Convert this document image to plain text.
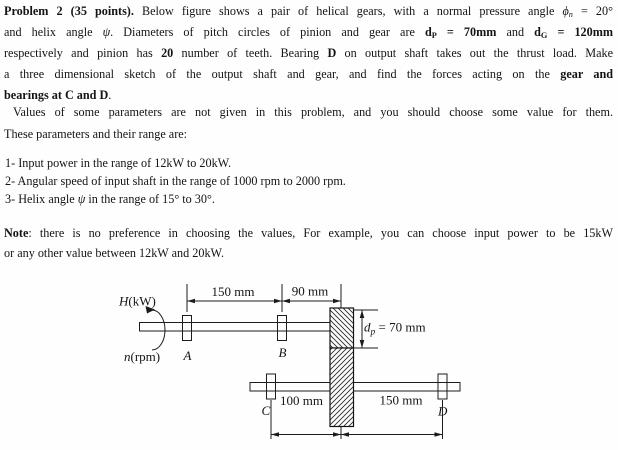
Problem 2 (35 points). Below figure shows a pair of helical gears, with a normal pressure angle ϕn = 20°
and helix angle ψ. Diameters of pitch circles of pinion and gear are dP = 70mm and dG = 120mm
respectively and pinion has 20 number of teeth. Bearing D on output shaft takes out the thrust load. Make
a three dimensional sketch of the output shaft and gear, and find the forces acting on the gear and
bearings at C and D.
Values of some parameters are not given in this problem, and you should choose some value for them.
These parameters and their range are:
1- Input power in the range of 12kW to 20kW.
2- Angular speed of input shaft in the range of 1000 rpm to 2000 rpm.
3- Helix angle ψ in the range of 15° to 30°.
Note: there is no preference in choosing the values, For example, you can choose input power to be 15kW
or any other value between 12kW and 20kW.
150 mm	90 mm
H(kW)
n(rpm) A	B
$d_p = 70$ mm
C	D
100 mm	150 mm
